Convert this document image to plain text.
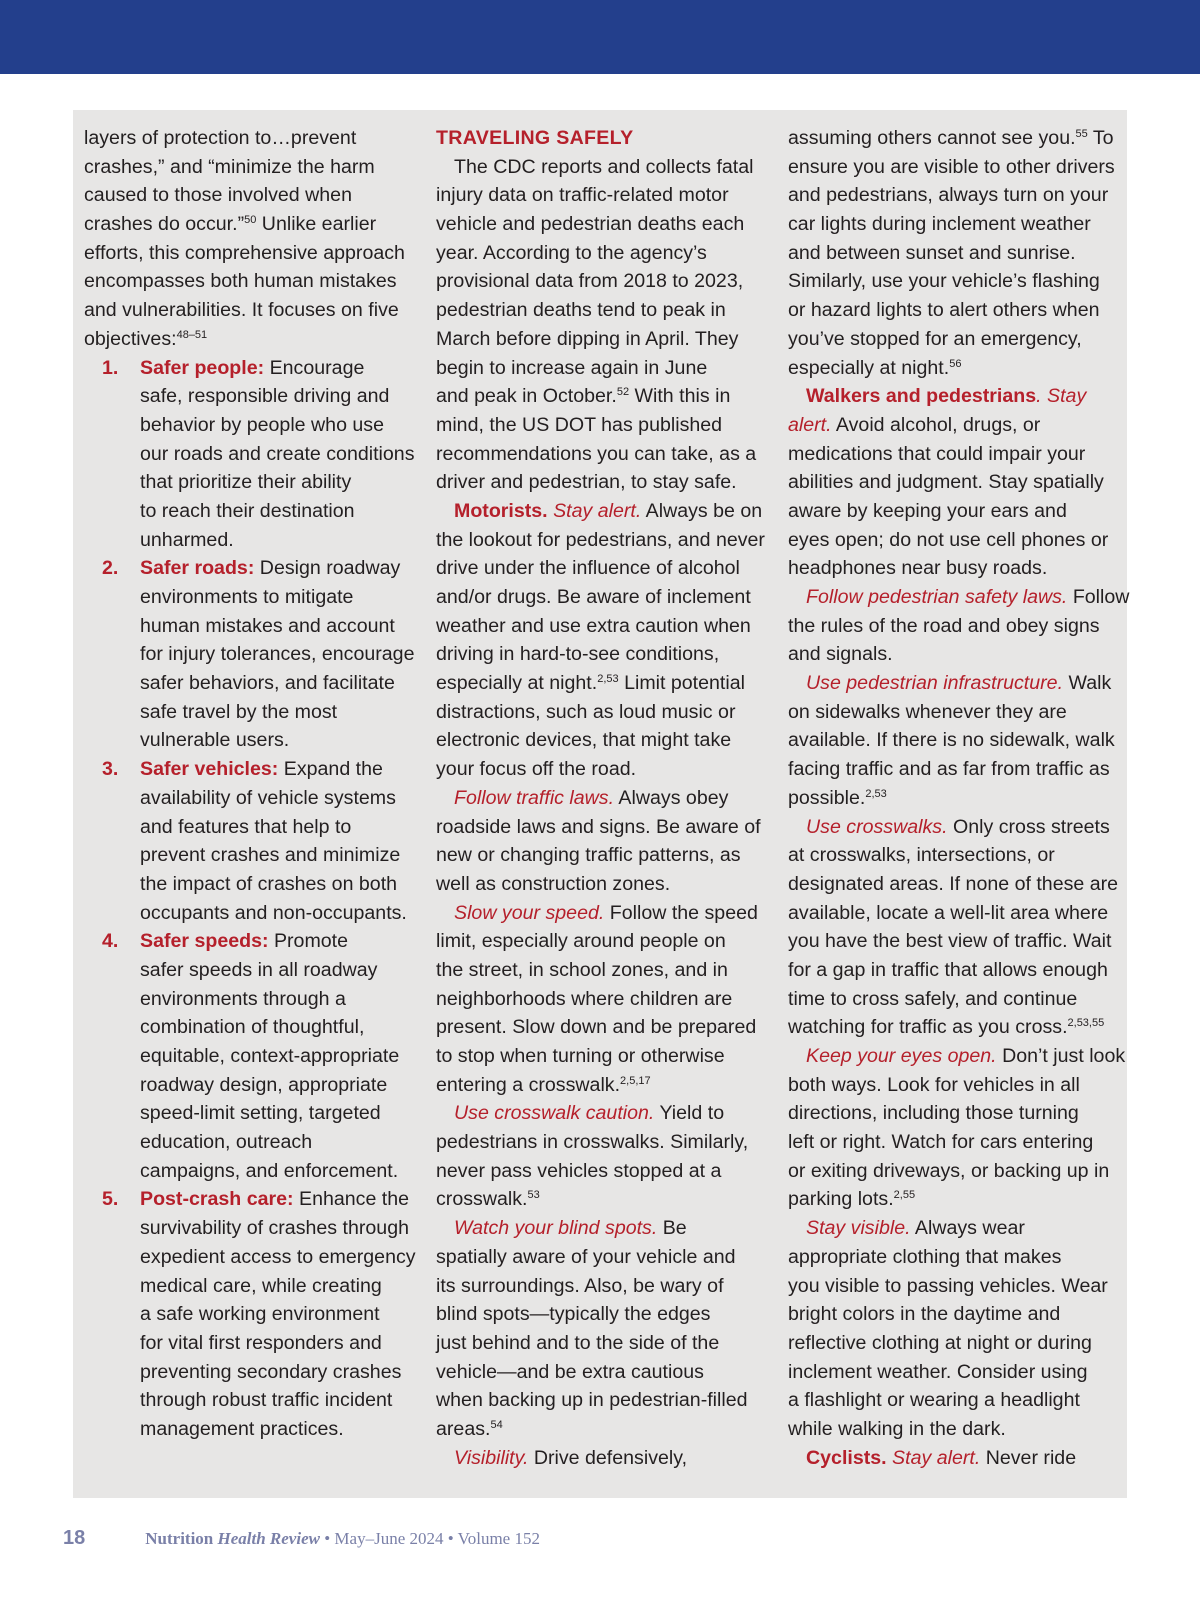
layers of protection to…prevent
crashes,” and “minimize the harm
caused to those involved when
crashes do occur.”$^{50}$ Unlike earlier
efforts, this comprehensive approach
encompasses both human mistakes
and vulnerabilities. It focuses on five
objectives:$^{48-51}$
1. Safer people: Encourage
safe, responsible driving and
behavior by people who use
our roads and create conditions
that prioritize their ability
to reach their destination
unharmed.
2. Safer roads: Design roadway
environments to mitigate
human mistakes and account
for injury tolerances, encourage
safer behaviors, and facilitate
safe travel by the most
vulnerable users.
3. Safer vehicles: Expand the
availability of vehicle systems
and features that help to
prevent crashes and minimize
the impact of crashes on both
occupants and non-occupants.
4. Safer speeds: Promote
safer speeds in all roadway
environments through a
combination of thoughtful,
equitable, context-appropriate
roadway design, appropriate
speed-limit setting, targeted
education, outreach
campaigns, and enforcement.
5. Post-crash care: Enhance the
survivability of crashes through
expedient access to emergency
medical care, while creating
a safe working environment
for vital first responders and
preventing secondary crashes
through robust traffic incident
management practices.
TRAVELING SAFELY
The CDC reports and collects fatal
injury data on traffic-related motor
vehicle and pedestrian deaths each
year. According to the agency’s
provisional data from 2018 to 2023,
pedestrian deaths tend to peak in
March before dipping in April. They
begin to increase again in June
and peak in October.$^{52}$ With this in
mind, the US DOT has published
recommendations you can take, as a
driver and pedestrian, to stay safe.
Motorists. Stay alert. Always be on
the lookout for pedestrians, and never
drive under the influence of alcohol
and/or drugs. Be aware of inclement
weather and use extra caution when
driving in hard-to-see conditions,
especially at night.$^{2,53}$ Limit potential
distractions, such as loud music or
electronic devices, that might take
your focus off the road.
Follow traffic laws. Always obey
roadside laws and signs. Be aware of
new or changing traffic patterns, as
well as construction zones.
Slow your speed. Follow the speed
limit, especially around people on
the street, in school zones, and in
neighborhoods where children are
present. Slow down and be prepared
to stop when turning or otherwise
entering a crosswalk.$^{2,5,17}$
Use crosswalk caution. Yield to
pedestrians in crosswalks. Similarly,
never pass vehicles stopped at a
crosswalk.$^{53}$
Watch your blind spots. Be
spatially aware of your vehicle and
its surroundings. Also, be wary of
blind spots—typically the edges
just behind and to the side of the
vehicle—and be extra cautious
when backing up in pedestrian-filled
areas.$^{54}$
Visibility. Drive defensively,
assuming others cannot see you.$^{55}$ To
ensure you are visible to other drivers
and pedestrians, always turn on your
car lights during inclement weather
and between sunset and sunrise.
Similarly, use your vehicle’s flashing
or hazard lights to alert others when
you’ve stopped for an emergency,
especially at night.$^{56}$
Walkers and pedestrians. Stay
alert. Avoid alcohol, drugs, or
medications that could impair your
abilities and judgment. Stay spatially
aware by keeping your ears and
eyes open; do not use cell phones or
headphones near busy roads.
Follow pedestrian safety laws. Follow
the rules of the road and obey signs
and signals.
Use pedestrian infrastructure. Walk
on sidewalks whenever they are
available. If there is no sidewalk, walk
facing traffic and as far from traffic as
possible.$^{2,53}$
Use crosswalks. Only cross streets
at crosswalks, intersections, or
designated areas. If none of these are
available, locate a well-lit area where
you have the best view of traffic. Wait
for a gap in traffic that allows enough
time to cross safely, and continue
watching for traffic as you cross.$^{2,53,55}$
Keep your eyes open. Don’t just look
both ways. Look for vehicles in all
directions, including those turning
left or right. Watch for cars entering
or exiting driveways, or backing up in
parking lots.$^{2,55}$
Stay visible. Always wear
appropriate clothing that makes
you visible to passing vehicles. Wear
bright colors in the daytime and
reflective clothing at night or during
inclement weather. Consider using
a flashlight or wearing a headlight
while walking in the dark.
Cyclists. Stay alert. Never ride
18	Nutrition Health Review • May–June 2024 • Volume 152
